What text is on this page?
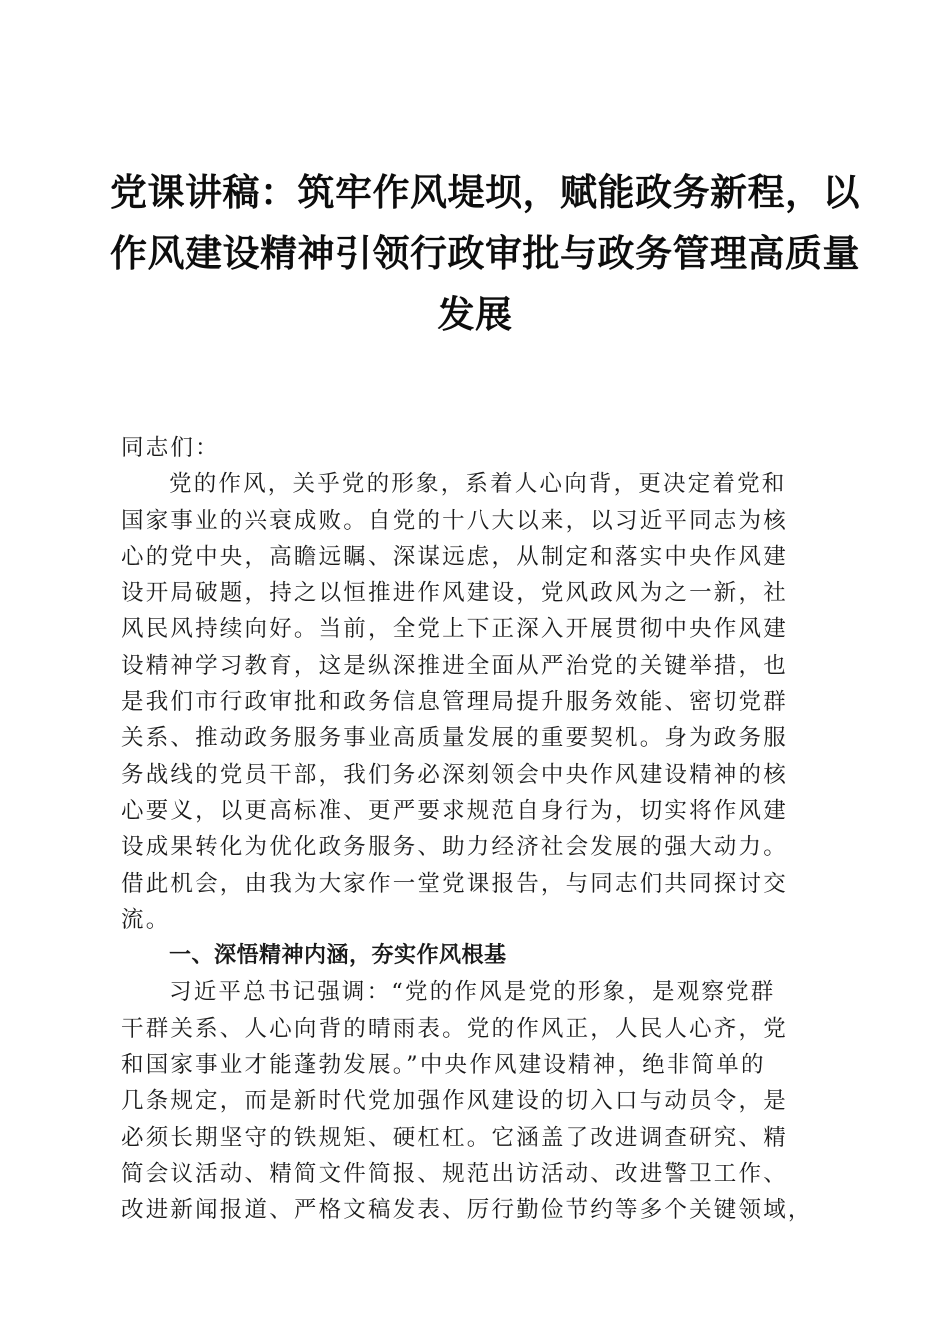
党课讲稿：筑牢作风堤坝，赋能政务新程，以
作风建设精神引领行政审批与政务管理高质量
发展
同志们：
党的作风，关乎党的形象，系着人心向背，更决定着党和
国家事业的兴衰成败。自党的十八大以来，以习近平同志为核
心的党中央，高瞻远瞩、深谋远虑，从制定和落实中央作风建
设开局破题，持之以恒推进作风建设，党风政风为之一新，社
风民风持续向好。当前，全党上下正深入开展贯彻中央作风建
设精神学习教育，这是纵深推进全面从严治党的关键举措，也
是我们市行政审批和政务信息管理局提升服务效能、密切党群
关系、推动政务服务事业高质量发展的重要契机。身为政务服
务战线的党员干部，我们务必深刻领会中央作风建设精神的核
心要义，以更高标准、更严要求规范自身行为，切实将作风建
设成果转化为优化政务服务、助力经济社会发展的强大动力。
借此机会，由我为大家作一堂党课报告，与同志们共同探讨交
流。
一、深悟精神内涵，夯实作风根基
习近平总书记强调：“党的作风是党的形象，是观察党群
干群关系、人心向背的晴雨表。党的作风正，人民人心齐，党
和国家事业才能蓬勃发展。”中央作风建设精神，绝非简单的
几条规定，而是新时代党加强作风建设的切入口与动员令，是
必须长期坚守的铁规矩、硬杠杠。它涵盖了改进调查研究、精
简会议活动、精简文件简报、规范出访活动、改进警卫工作、
改进新闻报道、严格文稿发表、厉行勤俭节约等多个关键领域，
